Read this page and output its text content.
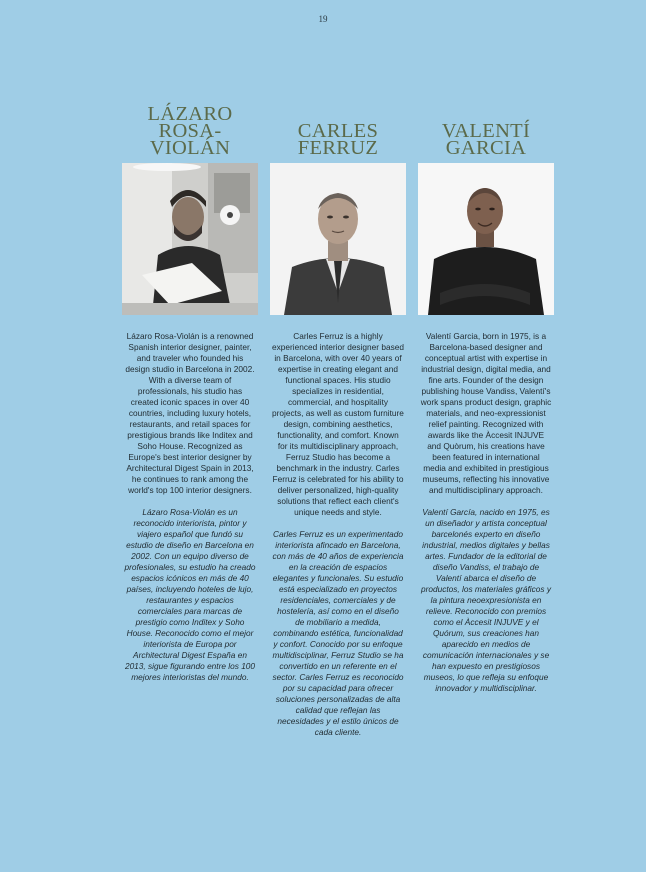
19
LÁZARO
ROSA-
VIOLÁN

Lázaro Rosa-Violán is a renowned Spanish interior designer, painter, and traveler who founded his design studio in Barcelona in 2002. With a diverse team of professionals, his studio has created iconic spaces in over 40 countries, including luxury hotels, restaurants, and retail spaces for prestigious brands like Inditex and Soho House. Recognized as Europe's best interior designer by Architectural Digest Spain in 2013, he continues to rank among the world's top 100 interior designers.

Lázaro Rosa-Violán es un reconocido interiorista, pintor y viajero español que fundó su estudio de diseño en Barcelona en 2002. Con un equipo diverso de profesionales, su estudio ha creado espacios icónicos en más de 40 países, incluyendo hoteles de lujo, restaurantes y espacios comerciales para marcas de prestigio como Inditex y Soho House. Reconocido como el mejor interiorista de Europa por Architectural Digest España en 2013, sigue figurando entre los 100 mejores interioristas del mundo.

CARLES
FERRUZ

Carles Ferruz is a highly experienced interior designer based in Barcelona, with over 40 years of expertise in creating elegant and functional spaces. His studio specializes in residential, commercial, and hospitality projects, as well as custom furniture design, combining aesthetics, functionality, and comfort. Known for its multidisciplinary approach, Ferruz Studio has become a benchmark in the industry. Carles Ferruz is celebrated for his ability to deliver personalized, high-quality solutions that reflect each client's unique needs and style.

Carles Ferruz es un experimentado interiorista afincado en Barcelona, con más de 40 años de experiencia en la creación de espacios elegantes y funcionales. Su estudio está especializado en proyectos residenciales, comerciales y de hostelería, así como en el diseño de mobiliario a medida, combinando estética, funcionalidad y confort. Conocido por su enfoque multidisciplinar, Ferruz Studio se ha convertido en un referente en el sector. Carles Ferruz es reconocido por su capacidad para ofrecer soluciones personalizadas de alta calidad que reflejan las necesidades y el estilo únicos de cada cliente.

VALENTÍ
GARCIA

Valentí Garcia, born in 1975, is a Barcelona-based designer and conceptual artist with expertise in industrial design, digital media, and fine arts. Founder of the design publishing house Vandiss, Valentí's work spans product design, graphic materials, and neo-expressionist relief painting. Recognized with awards like the Àccesit INJUVE and Quòrum, his creations have been featured in international media and exhibited in prestigious museums, reflecting his innovative and multidisciplinary approach.

Valentí García, nacido en 1975, es un diseñador y artista conceptual barcelonés experto en diseño industrial, medios digitales y bellas artes. Fundador de la editorial de diseño Vandiss, el trabajo de Valentí abarca el diseño de productos, los materiales gráficos y la pintura neoexpresionista en relieve. Reconocido con premios como el Àccesit INJUVE y el Quórum, sus creaciones han aparecido en medios de comunicación internacionales y se han expuesto en prestigiosos museos, lo que refleja su enfoque innovador y multidisciplinar.
